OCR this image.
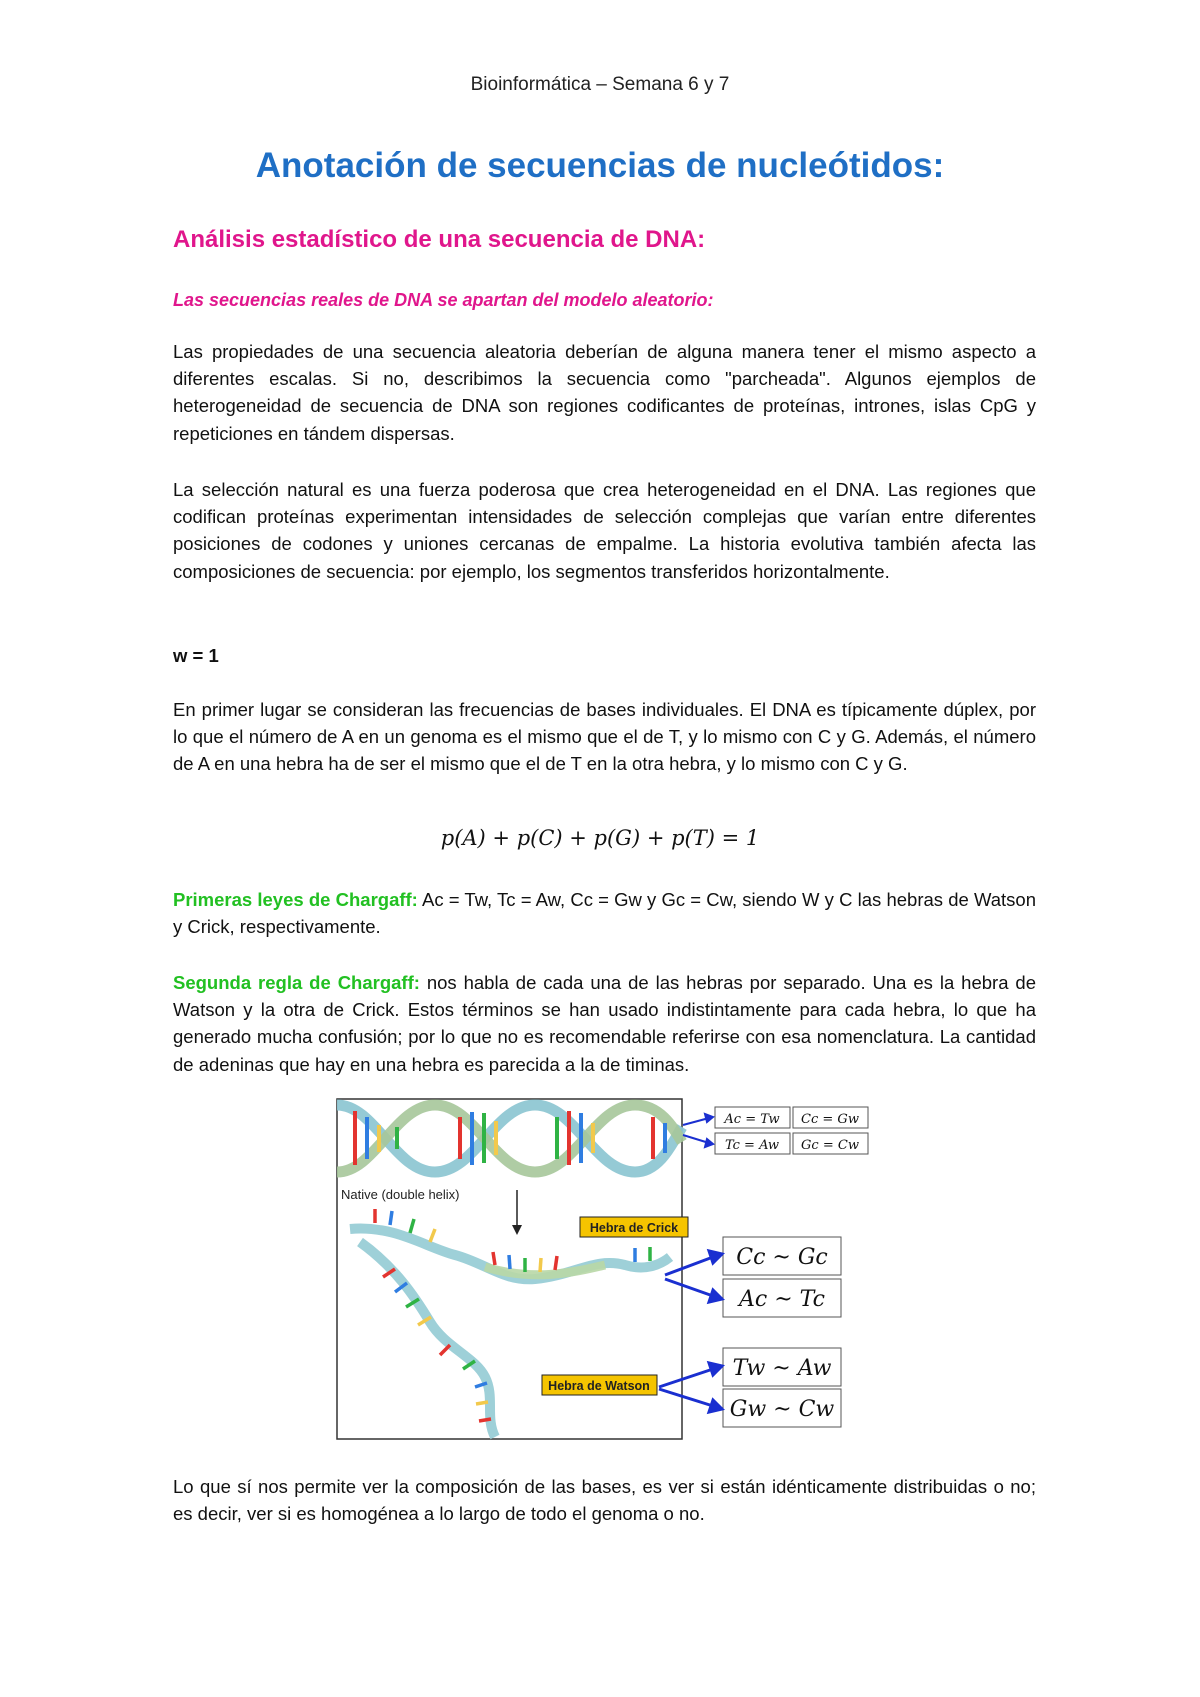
Bioinformática – Semana 6 y 7
Anotación de secuencias de nucleótidos:
Análisis estadístico de una secuencia de DNA:
Las secuencias reales de DNA se apartan del modelo aleatorio:

Las propiedades de una secuencia aleatoria deberían de alguna manera tener el mismo aspecto a diferentes escalas. Si no, describimos la secuencia como "parcheada". Algunos ejemplos de heterogeneidad de secuencia de DNA son regiones codificantes de proteínas, intrones, islas CpG y repeticiones en tándem dispersas.

La selección natural es una fuerza poderosa que crea heterogeneidad en el DNA. Las regiones que codifican proteínas experimentan intensidades de selección complejas que varían entre diferentes posiciones de codones y uniones cercanas de empalme. La historia evolutiva también afecta las composiciones de secuencia: por ejemplo, los segmentos transferidos horizontalmente.

w = 1

En primer lugar se consideran las frecuencias de bases individuales. El DNA es típicamente dúplex, por lo que el número de A en un genoma es el mismo que el de T, y lo mismo con C y G. Además, el número de A en una hebra ha de ser el mismo que el de T en la otra hebra, y lo mismo con C y G.

p(A) + p(C) + p(G) + p(T) = 1

Primeras leyes de Chargaff: Ac = Tw, Tc = Aw, Cc = Gw y Gc = Cw, siendo W y C las hebras de Watson y Crick, respectivamente.

Segunda regla de Chargaff: nos habla de cada una de las hebras por separado. Una es la hebra de Watson y la otra de Crick. Estos términos se han usado indistintamente para cada hebra, lo que ha generado mucha confusión; por lo que no es recomendable referirse con esa nomenclatura. La cantidad de adeninas que hay en una hebra es parecida a la de timinas.

Native (double helix)
Hebra de Crick
Hebra de Watson
Ac = Tw Cc = Gw
Tc = Aw Gc = Cw
Cc ~ Gc
Ac ~ Tc
Tw ~ Aw
Gw ~ Cw

Lo que sí nos permite ver la composición de las bases, es ver si están idénticamente distribuidas o no; es decir, ver si es homogénea a lo largo de todo el genoma o no.
